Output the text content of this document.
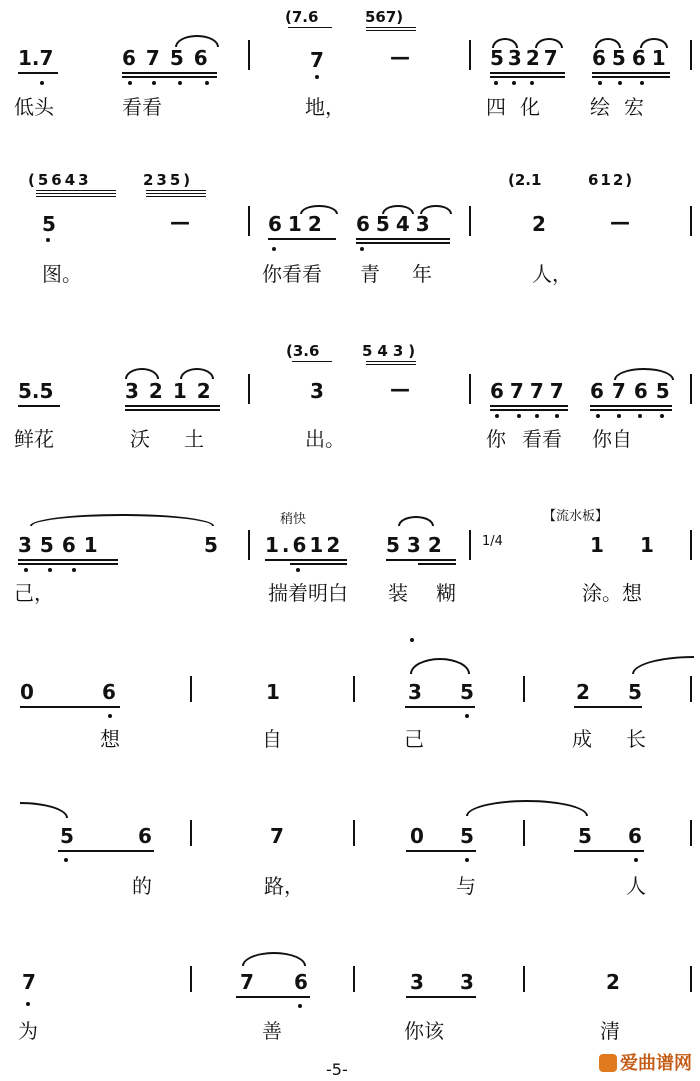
(7.6	567)
1.7	6756	7	—	5327 6561
低头	看看	地，	四化 绘宏
(5643	235)	(2.1	612)
5	—	612 6543	2	—
图。	你看看 青 年	人，
(3.6	543)
5.5	3212	3	—	6777 6765
鲜花	沃 土	出。	你 看看 你自
稍快	【流水板】
1/4
3561	5 1.612 532	1 1
己，	揣着明白 装 糊	涂。想
0	6	1	3 5	2 5
想	自	己	成 长
5	6	7	0 5	5 6
的	路，	与	人
7	7 6	3 3	2
为	善	你该	清
-5-	爱曲谱网
